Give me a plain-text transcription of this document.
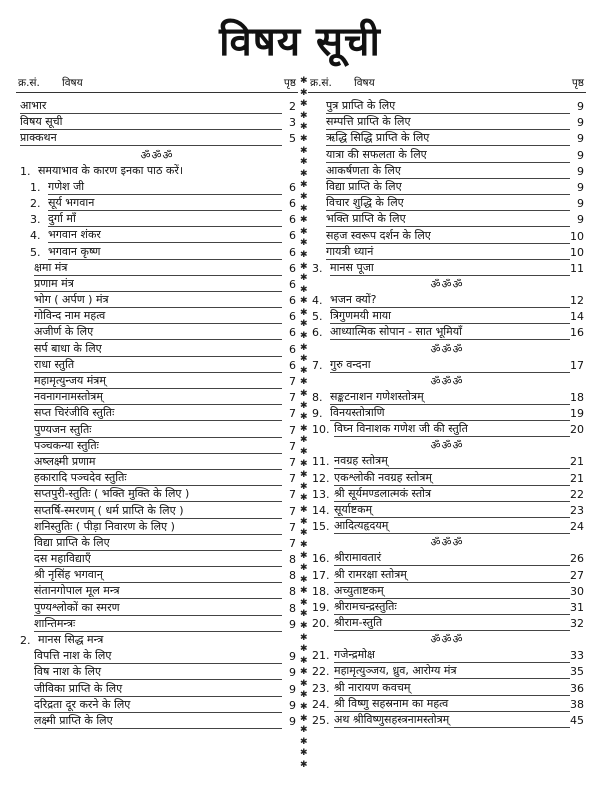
विषय सूची
क्र.सं. विषय	पृष्ठ
आभार	2
विषय सूची	3
प्राक्कथन	5
ॐॐॐ
1. समयाभाव के कारण इनका पाठ करें।
1. गणेश जी	6
2. सूर्य भगवान	6
3. दुर्गा माँ	6
4. भगवान शंकर	6
5. भगवान कृष्ण	6
क्षमा मंत्र	6
प्रणाम मंत्र	6
भोग ( अर्पण ) मंत्र	6
गोविन्द नाम महत्व	6
अजीर्ण के लिए	6
सर्प बाधा के लिए	6
राधा स्तुति	6
महामृत्युन्जय मंत्रम्	7
नवनागनामस्तोत्रम्	7
सप्त चिरंजीवि स्तुतिः	7
पुण्यजन स्तुतिः	7
पञ्चकन्या स्तुतिः	7
अष्लक्ष्मी प्रणाम	7
हकारादि पञ्चदेव स्तुतिः	7
सप्तपुरी-स्तुतिः ( भक्ति मुक्ति के लिए )	7
सप्तर्षि-स्मरणम् ( धर्म प्राप्ति के लिए )	7
शनिस्तुतिः ( पीड़ा निवारण के लिए )	7
विद्या प्राप्ति के लिए	7
दस महाविद्याएँ	8
श्री नृसिंह भगवान्	8
संतानगोपाल मूल मन्त्र	8
पुण्यश्लोकों का स्मरण	8
शान्तिमन्त्रः	9
2. मानस सिद्ध मन्त्र
विपत्ति नाश के लिए	9
विष नाश के लिए	9
जीविका प्राप्ति के लिए	9
दरिद्रता दूर करने के लिए	9
लक्ष्मी प्राप्ति के लिए	9
✱
✱
✱
✱
✱
✱
✱
✱
✱
✱
✱
✱
✱
✱
✱
✱
✱
✱
✱
✱
✱
✱
✱
✱
✱
✱
✱
✱
✱
✱
✱
✱
✱
✱
✱
✱
✱
✱
✱
✱
✱
✱
✱
✱
✱
✱
✱
✱
✱
✱
✱
✱
✱
✱
✱
✱
✱
✱
✱
✱

क्र.सं. विषय	पृष्ठ
पुत्र प्राप्ति के लिए	9
सम्पत्ति प्राप्ति के लिए	9
ऋद्धि सिद्धि प्राप्ति के लिए	9
यात्रा की सफलता के लिए	9
आकर्षणता के लिए	9
विद्या प्राप्ति के लिए	9
विचार शुद्धि के लिए	9
भक्ति प्राप्ति के लिए	9
सहज स्वरूप दर्शन के लिए	10
गायत्री ध्यानं	10
3. मानस पूजा	11
ॐॐॐ
4. भजन क्यों?	12
5. त्रिगुणमयी माया	14
6. आध्यात्मिक सोपान - सात भूमियाँ	16
ॐॐॐ
7. गुरु वन्दना	17
ॐॐॐ
8. सङ्कटनाशन गणेशस्तोत्रम्	18
9. विनयस्तोत्राणि	19
10. विघ्न विनाशक गणेश जी की स्तुति	20
ॐॐॐ
11. नवग्रह स्तोत्रम्	21
12. एकश्लोकी नवग्रह स्तोत्रम्	21
13. श्री सूर्यमण्डलात्मकं स्तोत्र	22
14. सूर्याष्टकम्	23
15. आदित्यहृदयम्	24
ॐॐॐ
16. श्रीरामावतारं	26
17. श्री रामरक्षा स्तोत्रम्	27
18. अच्युताष्टकम्	30
19. श्रीरामचन्द्रस्तुतिः	31
20. श्रीराम-स्तुति	32
ॐॐॐ
21. गजेन्द्रमोक्ष	33
22. महामृत्युञ्जय, ध्रुव, आरोग्य मंत्र	35
23. श्री नारायण कवचम्	36
24. श्री विष्णु सहस्रनाम का महत्व	38
25. अथ श्रीविष्णुसहस्त्रनामस्तोत्रम्	45
